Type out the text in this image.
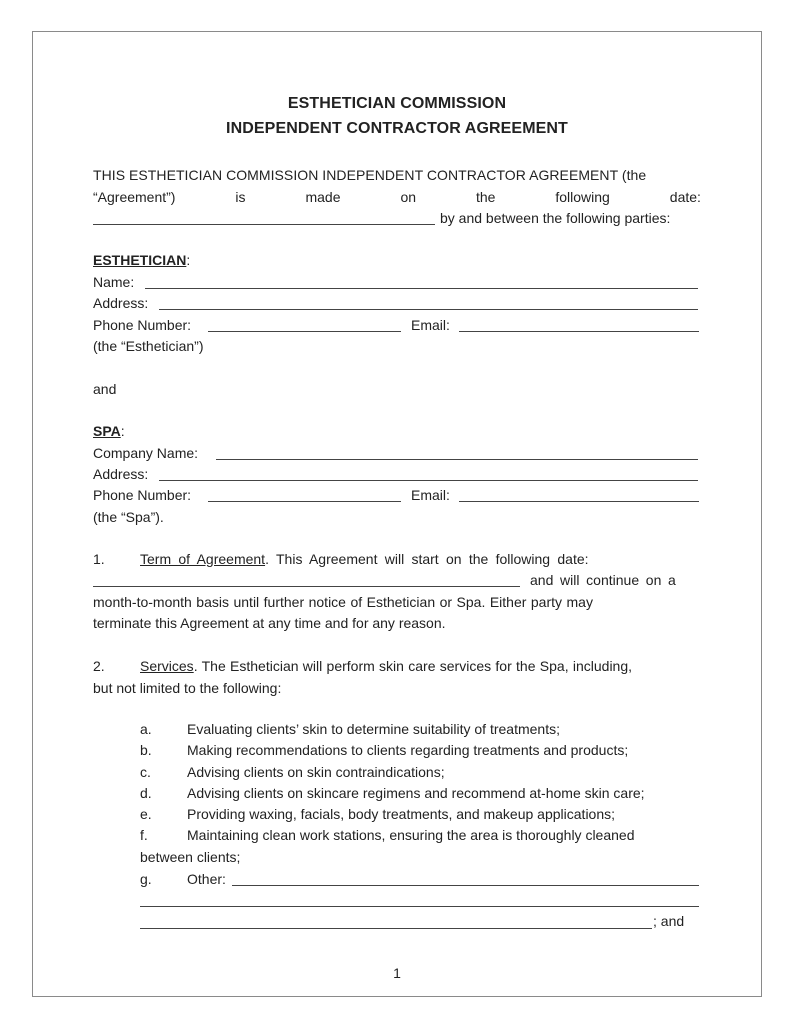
ESTHETICIAN COMMISSION
INDEPENDENT CONTRACTOR AGREEMENT
THIS ESTHETICIAN COMMISSION INDEPENDENT CONTRACTOR AGREEMENT (the
“Agreement”)	is	made	on	the	following	date:
by and between the following parties:
ESTHETICIAN:
Name:
Address:
Phone Number:	Email:
(the “Esthetician”)
and
SPA:
Company Name:
Address:
Phone Number:	Email:
(the “Spa”).
1.	Term of Agreement. This Agreement will start on the following date:
and will continue on a
month-to-month basis until further notice of Esthetician or Spa. Either party may
terminate this Agreement at any time and for any reason.
2.	Services. The Esthetician will perform skin care services for the Spa, including,
but not limited to the following:
a.	Evaluating clients’ skin to determine suitability of treatments;
b.	Making recommendations to clients regarding treatments and products;
c.	Advising clients on skin contraindications;
d.	Advising clients on skincare regimens and recommend at-home skin care;
e.	Providing waxing, facials, body treatments, and makeup applications;
f.	Maintaining clean work stations, ensuring the area is thoroughly cleaned
between clients;
g.	Other:
; and
1
